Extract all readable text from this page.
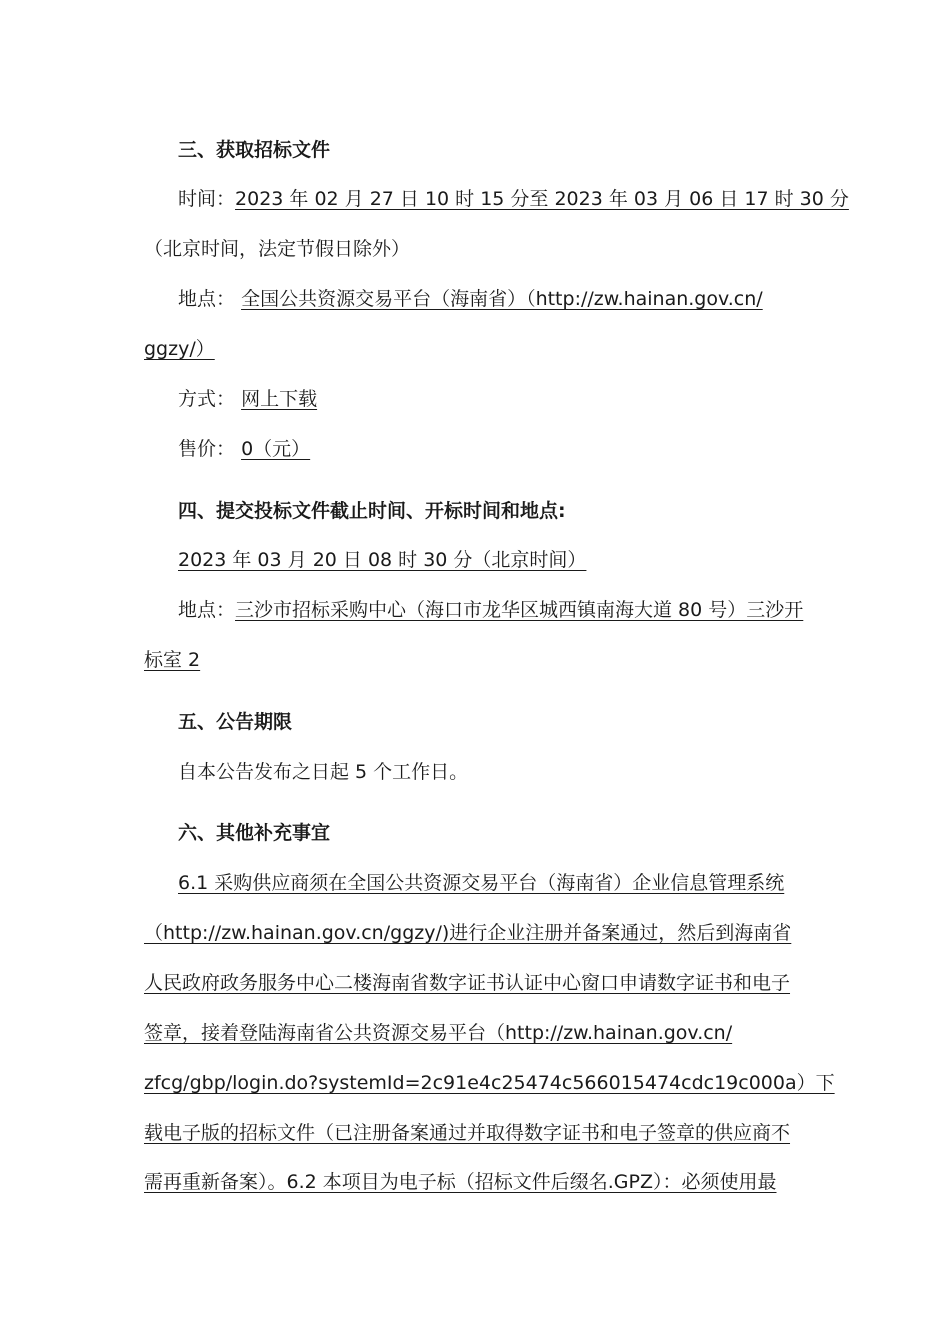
三、获取招标文件
时间：2023 年 02 月 27 日 10 时 15 分至 2023 年 03 月 06 日 17 时 30 分
（北京时间，法定节假日除外）
地点： 全国公共资源交易平台（海南省）（http://zw.hainan.gov.cn/
ggzy/）
方式： 网上下载
售价： 0（元）
四、提交投标文件截止时间、开标时间和地点:
2023 年 03 月 20 日 08 时 30 分（北京时间）
地点：三沙市招标采购中心（海口市龙华区城西镇南海大道 80 号）三沙开
标室 2
五、公告期限
自本公告发布之日起 5 个工作日。
六、其他补充事宜
6.1 采购供应商须在全国公共资源交易平台（海南省）企业信息管理系统
（http://zw.hainan.gov.cn/ggzy/)进行企业注册并备案通过，然后到海南省
人民政府政务服务中心二楼海南省数字证书认证中心窗口申请数字证书和电子
签章，接着登陆海南省公共资源交易平台（http://zw.hainan.gov.cn/
zfcg/gbp/login.do?systemId=2c91e4c25474c566015474cdc19c000a）下
载电子版的招标文件（已注册备案通过并取得数字证书和电子签章的供应商不
需再重新备案）。6.2 本项目为电子标（招标文件后缀名.GPZ）：必须使用最
